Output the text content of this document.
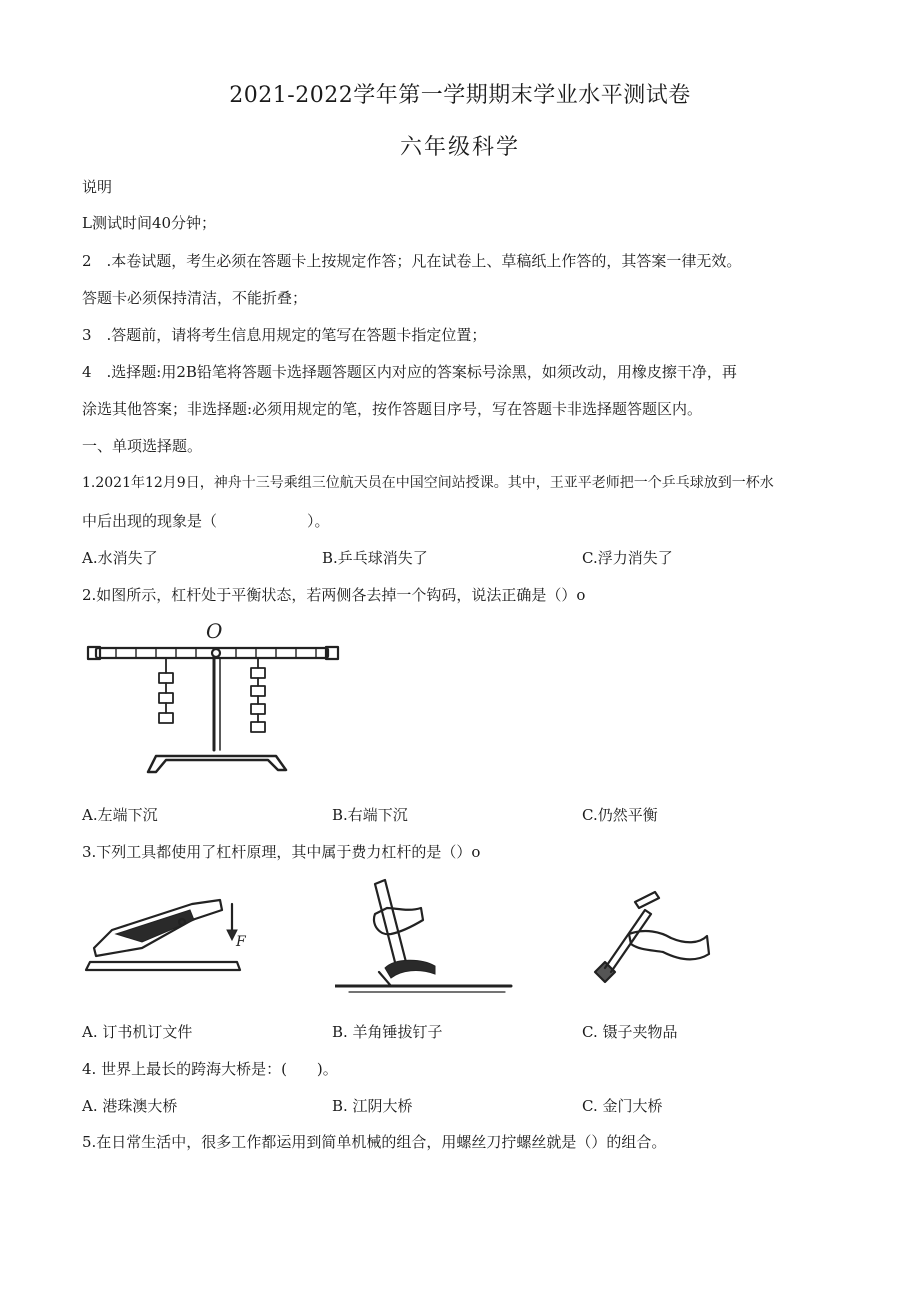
2021-2022学年第一学期期末学业水平测试卷
六年级科学
说明
L测试时间40分钟；
2　.本卷试题，考生必须在答题卡上按规定作答；凡在试卷上、草稿纸上作答的，其答案一律无效。
答题卡必须保持清洁，不能折叠；
3　.答题前，请将考生信息用规定的笔写在答题卡指定位置；
4　.选择题:用2B铅笔将答题卡选择题答题区内对应的答案标号涂黑，如须改动，用橡皮擦干净，再
涂选其他答案；非选择题:必须用规定的笔，按作答题目序号，写在答题卡非选择题答题区内。
一、单项选择题。
1.2021年12月9日，神舟十三号乘组三位航天员在中国空间站授课。其中，王亚平老师把一个乒乓球放到一杯水
中后出现的现象是（　　　　　　）。
A.水消失了	B.乒乓球消失了	C.浮力消失了
2.如图所示，杠杆处于平衡状态，若两侧各去掉一个钩码，说法正确是（）o
O
A.左端下沉	B.右端下沉	C.仍然平衡
3.下列工具都使用了杠杆原理，其中属于费力杠杆的是（）o
F
A. 订书机订文件	B. 羊角锤拔钉子	C. 镊子夹物品
4. 世界上最长的跨海大桥是：(　　)。
A. 港珠澳大桥	B. 江阴大桥	C. 金门大桥
5.在日常生活中，很多工作都运用到简单机械的组合，用螺丝刀拧螺丝就是（）的组合。
